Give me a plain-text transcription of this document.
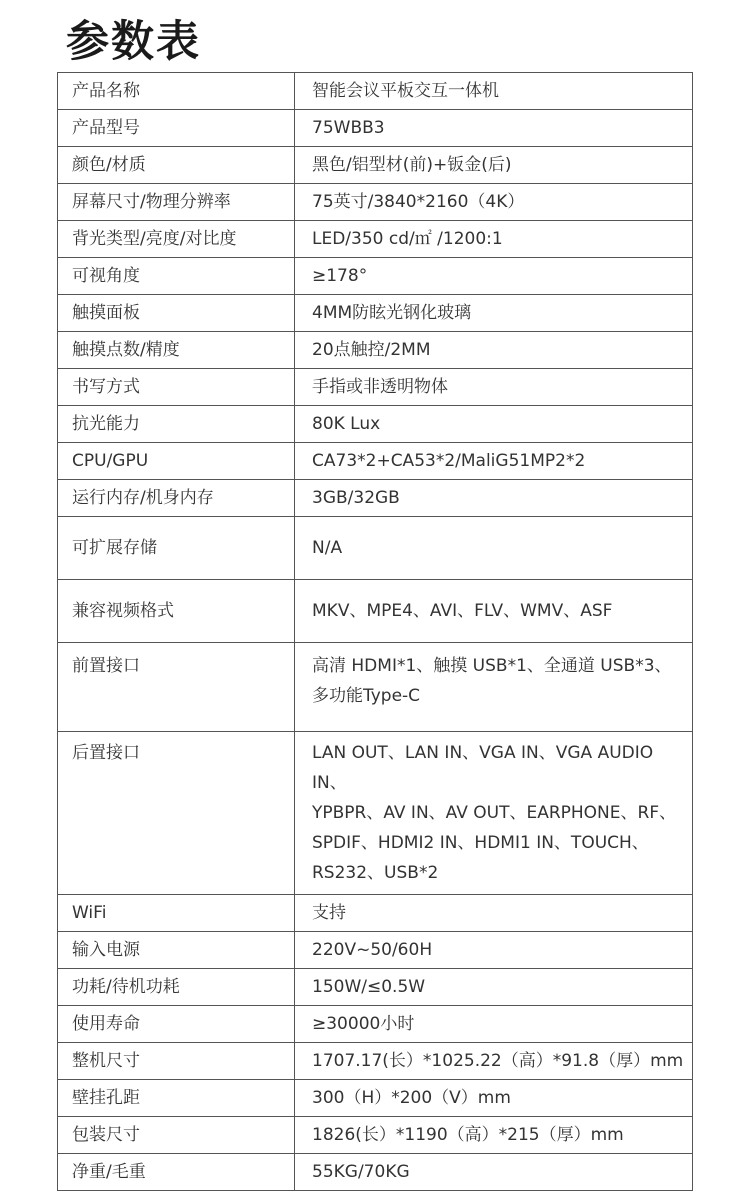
参数表
产品名称	智能会议平板交互一体机
产品型号	75WBB3
颜色/材质	黑色/铝型材(前)+钣金(后)
屏幕尺寸/物理分辨率	75英寸/3840*2160（4K）
背光类型/亮度/对比度	LED/350 cd/㎡ /1200:1
可视角度	≥178°
触摸面板	4MM防眩光钢化玻璃
触摸点数/精度	20点触控/2MM
书写方式	手指或非透明物体
抗光能力	80K Lux
CPU/GPU	CA73*2+CA53*2/MaliG51MP2*2
运行内存/机身内存	3GB/32GB
可扩展存储	N/A
兼容视频格式	MKV、MPE4、AVI、FLV、WMV、ASF
前置接口	高清 HDMI*1、触摸 USB*1、全通道 USB*3、
多功能Type-C

后置接口	LAN OUT、LAN IN、VGA IN、VGA AUDIO IN、
YPBPR、AV IN、AV OUT、EARPHONE、RF、
SPDIF、HDMI2 IN、HDMI1 IN、TOUCH、
RS232、USB*2

WiFi	支持
输入电源	220V~50/60H
功耗/待机功耗	150W/≤0.5W
使用寿命	≥30000小时
整机尺寸	1707.17(长）*1025.22（高）*91.8（厚）mm
壁挂孔距	300（H）*200（V）mm
包装尺寸	1826(长）*1190（高）*215（厚）mm
净重/毛重	55KG/70KG
